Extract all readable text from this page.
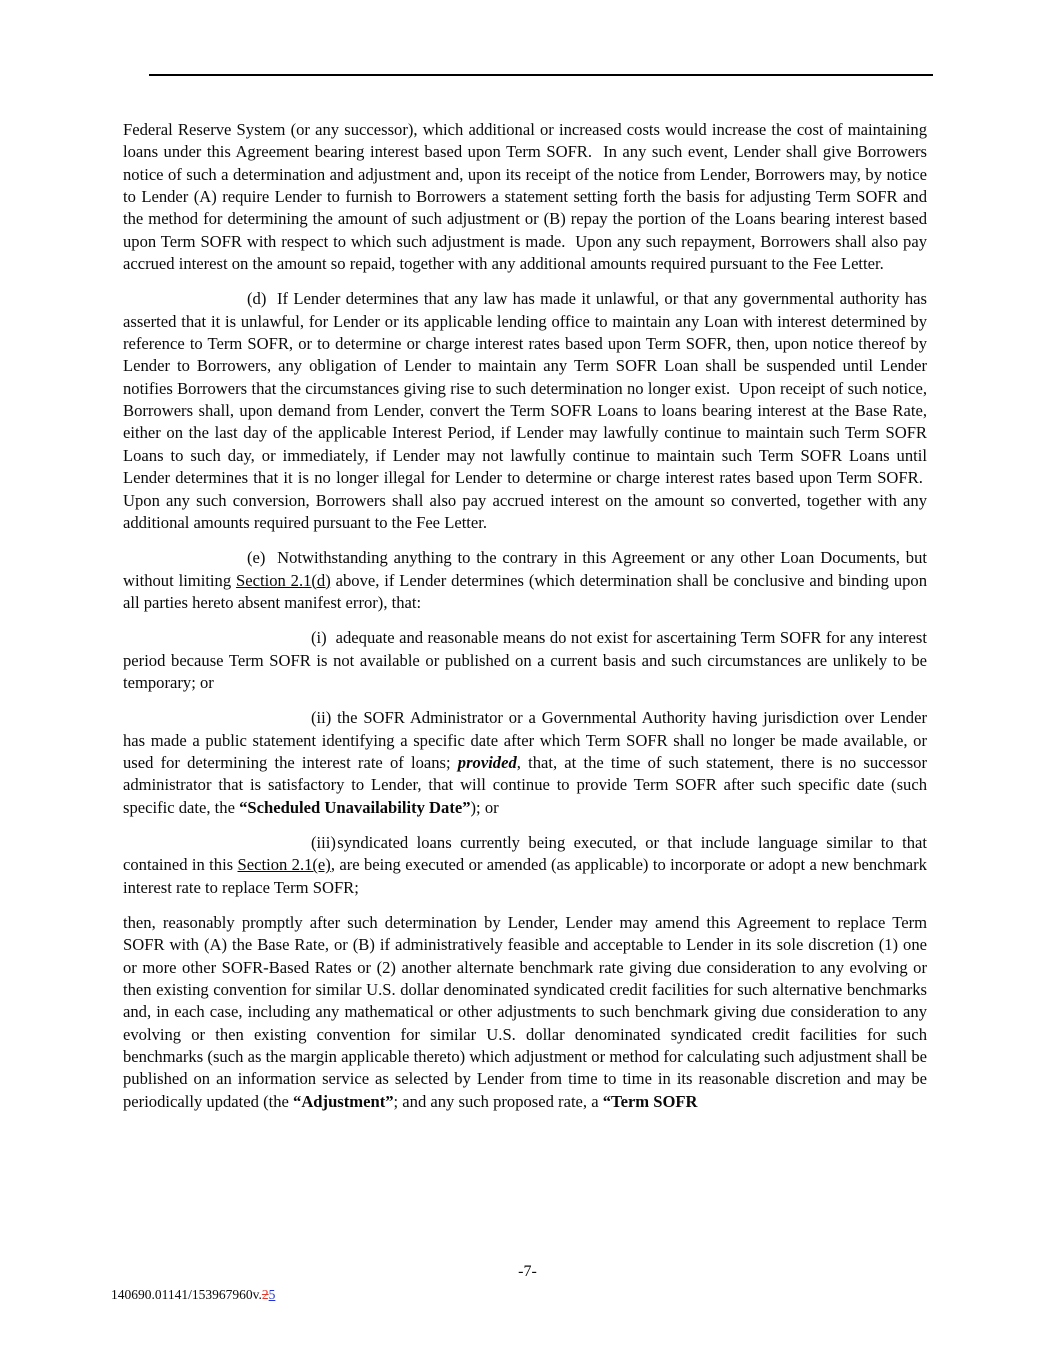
Federal Reserve System (or any successor), which additional or increased costs would increase the cost of maintaining loans under this Agreement bearing interest based upon Term SOFR.  In any such event, Lender shall give Borrowers notice of such a determination and adjustment and, upon its receipt of the notice from Lender, Borrowers may, by notice to Lender (A) require Lender to furnish to Borrowers a statement setting forth the basis for adjusting Term SOFR and the method for determining the amount of such adjustment or (B) repay the portion of the Loans bearing interest based upon Term SOFR with respect to which such adjustment is made.  Upon any such repayment, Borrowers shall also pay accrued interest on the amount so repaid, together with any additional amounts required pursuant to the Fee Letter.

(d)  If Lender determines that any law has made it unlawful, or that any governmental authority has asserted that it is unlawful, for Lender or its applicable lending office to maintain any Loan with interest determined by reference to Term SOFR, or to determine or charge interest rates based upon Term SOFR, then, upon notice thereof by Lender to Borrowers, any obligation of Lender to maintain any Term SOFR Loan shall be suspended until Lender notifies Borrowers that the circumstances giving rise to such determination no longer exist.  Upon receipt of such notice, Borrowers shall, upon demand from Lender, convert the Term SOFR Loans to loans bearing interest at the Base Rate, either on the last day of the applicable Interest Period, if Lender may lawfully continue to maintain such Term SOFR Loans to such day, or immediately, if Lender may not lawfully continue to maintain such Term SOFR Loans until Lender determines that it is no longer illegal for Lender to determine or charge interest rates based upon Term SOFR.  Upon any such conversion, Borrowers shall also pay accrued interest on the amount so converted, together with any additional amounts required pursuant to the Fee Letter.

(e)  Notwithstanding anything to the contrary in this Agreement or any other Loan Documents, but without limiting Section 2.1(d) above, if Lender determines (which determination shall be conclusive and binding upon all parties hereto absent manifest error), that:

(i)  adequate and reasonable means do not exist for ascertaining Term SOFR for any interest period because Term SOFR is not available or published on a current basis and such circumstances are unlikely to be temporary; or

(ii) the SOFR Administrator or a Governmental Authority having jurisdiction over Lender has made a public statement identifying a specific date after which Term SOFR shall no longer be made available, or used for determining the interest rate of loans; provided, that, at the time of such statement, there is no successor administrator that is satisfactory to Lender, that will continue to provide Term SOFR after such specific date (such specific date, the “Scheduled Unavailability Date”); or

(iii) syndicated loans currently being executed, or that include language similar to that contained in this Section 2.1(e), are being executed or amended (as applicable) to incorporate or adopt a new benchmark interest rate to replace Term SOFR;

then, reasonably promptly after such determination by Lender, Lender may amend this Agreement to replace Term SOFR with (A) the Base Rate, or (B) if administratively feasible and acceptable to Lender in its sole discretion (1) one or more other SOFR-Based Rates or (2) another alternate benchmark rate giving due consideration to any evolving or then existing convention for similar U.S. dollar denominated syndicated credit facilities for such alternative benchmarks and, in each case, including any mathematical or other adjustments to such benchmark giving due consideration to any evolving or then existing convention for similar U.S. dollar denominated syndicated credit facilities for such benchmarks (such as the margin applicable thereto) which adjustment or method for calculating such adjustment shall be published on an information service as selected by Lender from time to time in its reasonable discretion and may be periodically updated (the “Adjustment”; and any such proposed rate, a “Term SOFR

-7-
140690.01141/153967960v.25
